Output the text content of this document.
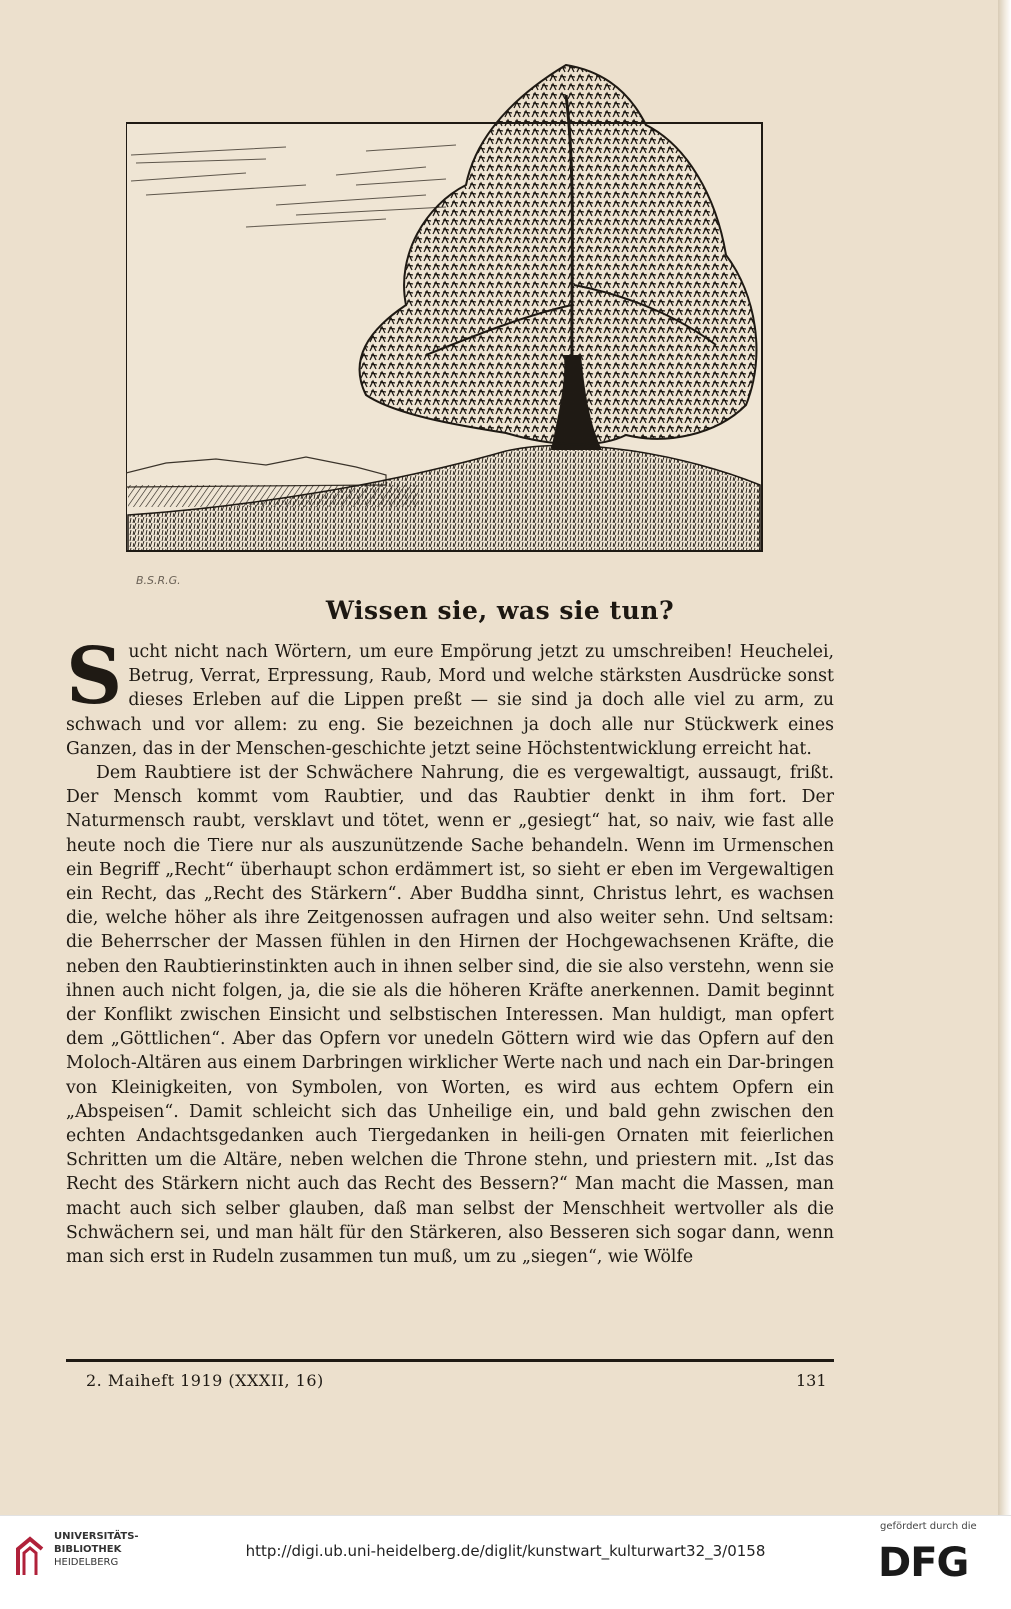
B.S.R.G.
Wissen sie, was sie tun?

Sucht nicht nach Wörtern, um eure Empörung jetzt zu umschreiben! Heuchelei, Betrug, Verrat, Erpressung, Raub, Mord und welche stärksten Ausdrücke sonst dieses Erleben auf die Lippen preßt — sie sind ja doch alle viel zu arm, zu schwach und vor allem: zu eng. Sie bezeichnen ja doch alle nur Stückwerk eines Ganzen, das in der Menschen-geschichte jetzt seine Höchstentwicklung erreicht hat.

Dem Raubtiere ist der Schwächere Nahrung, die es vergewaltigt, aussaugt, frißt. Der Mensch kommt vom Raubtier, und das Raubtier denkt in ihm fort. Der Naturmensch raubt, versklavt und tötet, wenn er „gesiegt“ hat, so naiv, wie fast alle heute noch die Tiere nur als auszunützende Sache behandeln. Wenn im Urmenschen ein Begriff „Recht“ überhaupt schon erdämmert ist, so sieht er eben im Vergewaltigen ein Recht, das „Recht des Stärkern“. Aber Buddha sinnt, Christus lehrt, es wachsen die, welche höher als ihre Zeitgenossen aufragen und also weiter sehn. Und seltsam: die Beherrscher der Massen fühlen in den Hirnen der Hochgewachsenen Kräfte, die neben den Raubtierinstinkten auch in ihnen selber sind, die sie also verstehn, wenn sie ihnen auch nicht folgen, ja, die sie als die höheren Kräfte anerkennen. Damit beginnt der Konflikt zwischen Einsicht und selbstischen Interessen. Man huldigt, man opfert dem „Göttlichen“. Aber das Opfern vor unedeln Göttern wird wie das Opfern auf den Moloch-Altären aus einem Darbringen wirklicher Werte nach und nach ein Dar-bringen von Kleinigkeiten, von Symbolen, von Worten, es wird aus echtem Opfern ein „Abspeisen“. Damit schleicht sich das Unheilige ein, und bald gehn zwischen den echten Andachtsgedanken auch Tiergedanken in heili-gen Ornaten mit feierlichen Schritten um die Altäre, neben welchen die Throne stehn, und priestern mit. „Ist das Recht des Stärkern nicht auch das Recht des Bessern?“ Man macht die Massen, man macht auch sich selber glauben, daß man selbst der Menschheit wertvoller als die Schwächern sei, und man hält für den Stärkeren, also Besseren sich sogar dann, wenn man sich erst in Rudeln zusammen tun muß, um zu „siegen“, wie Wölfe

2. Maiheft 1919 (XXXII, 16)	131
UNIVERSITÄTS-
BIBLIOTHEK
HEIDELBERG
http://digi.ub.uni-heidelberg.de/diglit/kunstwart_kulturwart32_3/0158
gefördert durch die
DFG
